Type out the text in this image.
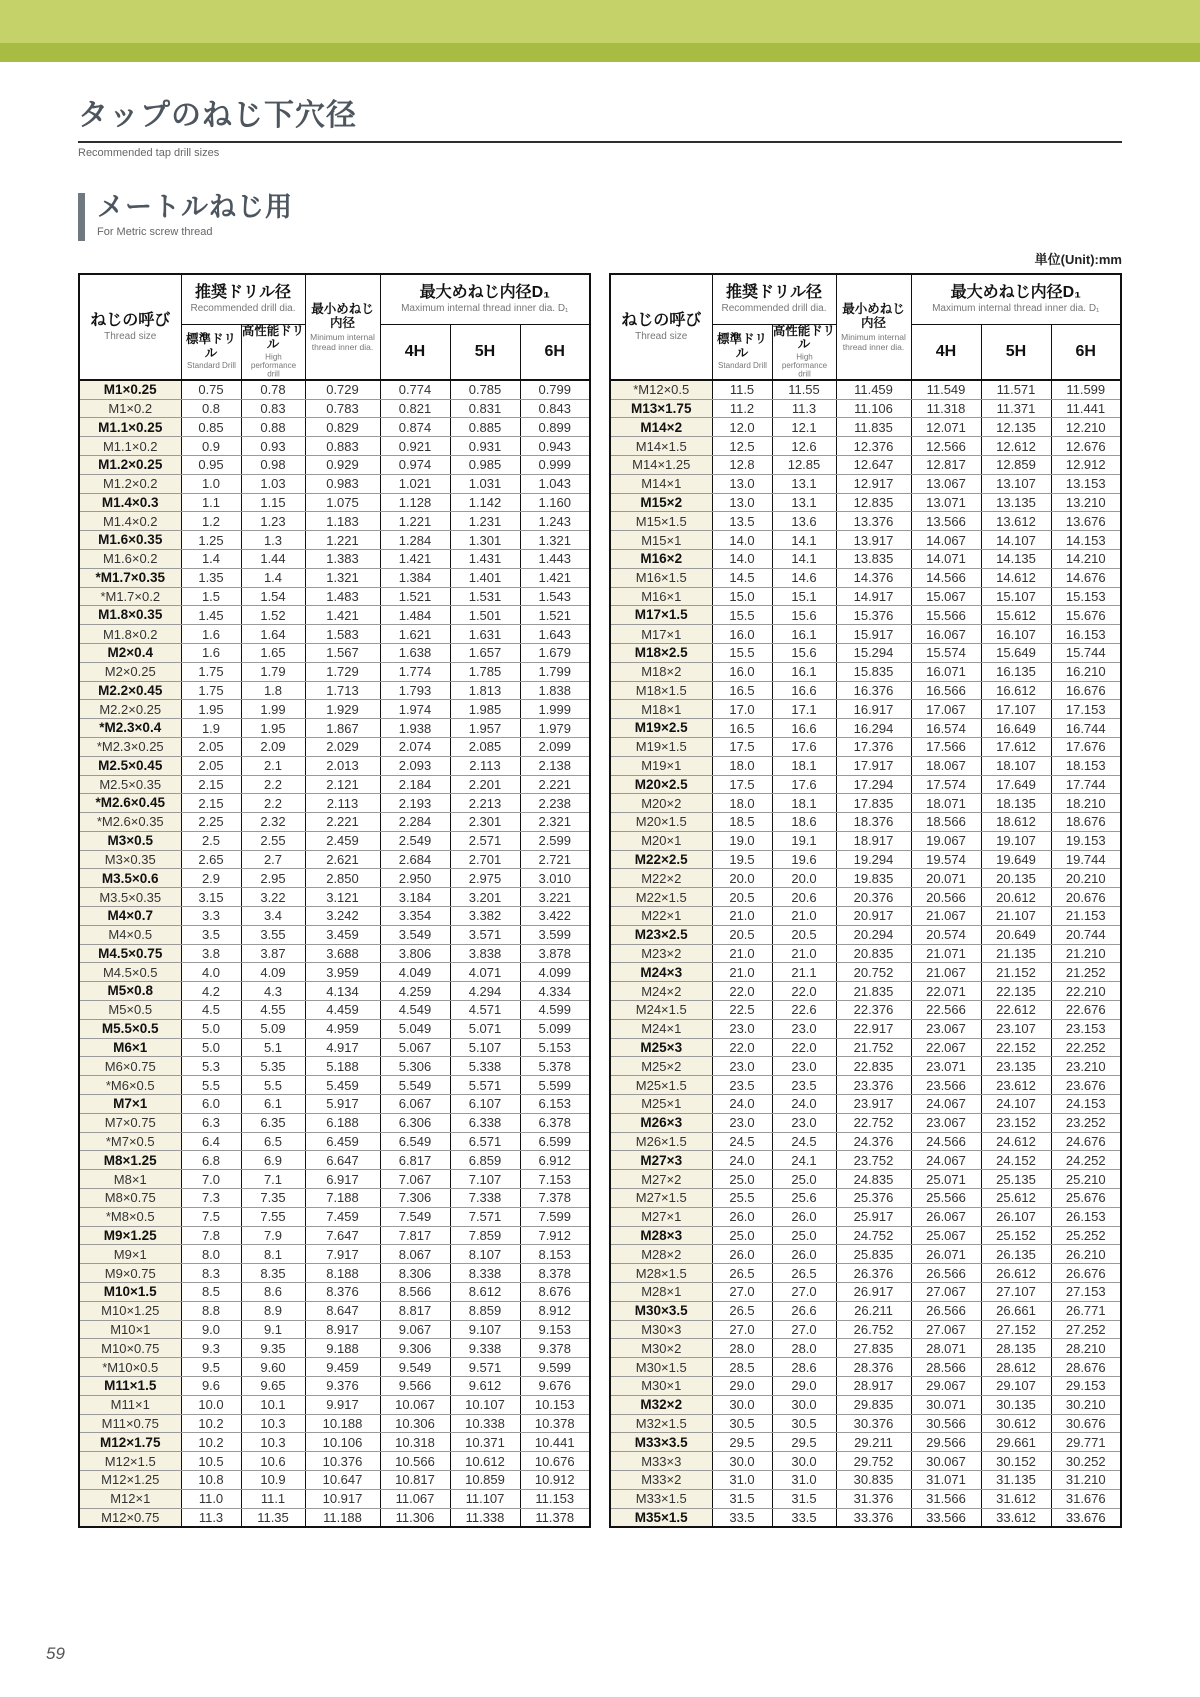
タップのねじ下穴径
Recommended tap drill sizes
メートルねじ用
For Metric screw thread
単位(Unit):mm
ねじの呼び
Thread size

推奨ドリル径
Recommended drill dia.	最小めねじ内径
Minimum internal thread inner dia.

最大めねじ内径D₁
Maximum internal thread inner dia. D₁

標準ドリル
Standard Drill

高性能ドリル
High performance drill
	4H	5H	6H
M1×0.25	0.75	0.78	0.729	0.774	0.785	0.799
M1×0.2	0.8	0.83	0.783	0.821	0.831	0.843
M1.1×0.25	0.85	0.88	0.829	0.874	0.885	0.899
M1.1×0.2	0.9	0.93	0.883	0.921	0.931	0.943
M1.2×0.25	0.95	0.98	0.929	0.974	0.985	0.999
M1.2×0.2	1.0	1.03	0.983	1.021	1.031	1.043
M1.4×0.3	1.1	1.15	1.075	1.128	1.142	1.160
M1.4×0.2	1.2	1.23	1.183	1.221	1.231	1.243
M1.6×0.35	1.25	1.3	1.221	1.284	1.301	1.321
M1.6×0.2	1.4	1.44	1.383	1.421	1.431	1.443
*M1.7×0.35	1.35	1.4	1.321	1.384	1.401	1.421
*M1.7×0.2	1.5	1.54	1.483	1.521	1.531	1.543
M1.8×0.35	1.45	1.52	1.421	1.484	1.501	1.521
M1.8×0.2	1.6	1.64	1.583	1.621	1.631	1.643
M2×0.4	1.6	1.65	1.567	1.638	1.657	1.679
M2×0.25	1.75	1.79	1.729	1.774	1.785	1.799
M2.2×0.45	1.75	1.8	1.713	1.793	1.813	1.838
M2.2×0.25	1.95	1.99	1.929	1.974	1.985	1.999
*M2.3×0.4	1.9	1.95	1.867	1.938	1.957	1.979
*M2.3×0.25	2.05	2.09	2.029	2.074	2.085	2.099
M2.5×0.45	2.05	2.1	2.013	2.093	2.113	2.138
M2.5×0.35	2.15	2.2	2.121	2.184	2.201	2.221
*M2.6×0.45	2.15	2.2	2.113	2.193	2.213	2.238
*M2.6×0.35	2.25	2.32	2.221	2.284	2.301	2.321
M3×0.5	2.5	2.55	2.459	2.549	2.571	2.599
M3×0.35	2.65	2.7	2.621	2.684	2.701	2.721
M3.5×0.6	2.9	2.95	2.850	2.950	2.975	3.010
M3.5×0.35	3.15	3.22	3.121	3.184	3.201	3.221
M4×0.7	3.3	3.4	3.242	3.354	3.382	3.422
M4×0.5	3.5	3.55	3.459	3.549	3.571	3.599
M4.5×0.75	3.8	3.87	3.688	3.806	3.838	3.878
M4.5×0.5	4.0	4.09	3.959	4.049	4.071	4.099
M5×0.8	4.2	4.3	4.134	4.259	4.294	4.334
M5×0.5	4.5	4.55	4.459	4.549	4.571	4.599
M5.5×0.5	5.0	5.09	4.959	5.049	5.071	5.099
M6×1	5.0	5.1	4.917	5.067	5.107	5.153
M6×0.75	5.3	5.35	5.188	5.306	5.338	5.378
*M6×0.5	5.5	5.5	5.459	5.549	5.571	5.599
M7×1	6.0	6.1	5.917	6.067	6.107	6.153
M7×0.75	6.3	6.35	6.188	6.306	6.338	6.378
*M7×0.5	6.4	6.5	6.459	6.549	6.571	6.599
M8×1.25	6.8	6.9	6.647	6.817	6.859	6.912
M8×1	7.0	7.1	6.917	7.067	7.107	7.153
M8×0.75	7.3	7.35	7.188	7.306	7.338	7.378
*M8×0.5	7.5	7.55	7.459	7.549	7.571	7.599
M9×1.25	7.8	7.9	7.647	7.817	7.859	7.912
M9×1	8.0	8.1	7.917	8.067	8.107	8.153
M9×0.75	8.3	8.35	8.188	8.306	8.338	8.378
M10×1.5	8.5	8.6	8.376	8.566	8.612	8.676
M10×1.25	8.8	8.9	8.647	8.817	8.859	8.912
M10×1	9.0	9.1	8.917	9.067	9.107	9.153
M10×0.75	9.3	9.35	9.188	9.306	9.338	9.378
*M10×0.5	9.5	9.60	9.459	9.549	9.571	9.599
M11×1.5	9.6	9.65	9.376	9.566	9.612	9.676
M11×1	10.0	10.1	9.917	10.067	10.107	10.153
M11×0.75	10.2	10.3	10.188	10.306	10.338	10.378
M12×1.75	10.2	10.3	10.106	10.318	10.371	10.441
M12×1.5	10.5	10.6	10.376	10.566	10.612	10.676
M12×1.25	10.8	10.9	10.647	10.817	10.859	10.912
M12×1	11.0	11.1	10.917	11.067	11.107	11.153
M12×0.75	11.3	11.35	11.188	11.306	11.338	11.378
ねじの呼び
Thread size

推奨ドリル径
Recommended drill dia.	最小めねじ内径
Minimum internal thread inner dia.

最大めねじ内径D₁
Maximum internal thread inner dia. D₁

標準ドリル
Standard Drill

高性能ドリル
High performance drill
	4H	5H	6H
*M12×0.5	11.5	11.55	11.459	11.549	11.571	11.599
M13×1.75	11.2	11.3	11.106	11.318	11.371	11.441
M14×2	12.0	12.1	11.835	12.071	12.135	12.210
M14×1.5	12.5	12.6	12.376	12.566	12.612	12.676
M14×1.25	12.8	12.85	12.647	12.817	12.859	12.912
M14×1	13.0	13.1	12.917	13.067	13.107	13.153
M15×2	13.0	13.1	12.835	13.071	13.135	13.210
M15×1.5	13.5	13.6	13.376	13.566	13.612	13.676
M15×1	14.0	14.1	13.917	14.067	14.107	14.153
M16×2	14.0	14.1	13.835	14.071	14.135	14.210
M16×1.5	14.5	14.6	14.376	14.566	14.612	14.676
M16×1	15.0	15.1	14.917	15.067	15.107	15.153
M17×1.5	15.5	15.6	15.376	15.566	15.612	15.676
M17×1	16.0	16.1	15.917	16.067	16.107	16.153
M18×2.5	15.5	15.6	15.294	15.574	15.649	15.744
M18×2	16.0	16.1	15.835	16.071	16.135	16.210
M18×1.5	16.5	16.6	16.376	16.566	16.612	16.676
M18×1	17.0	17.1	16.917	17.067	17.107	17.153
M19×2.5	16.5	16.6	16.294	16.574	16.649	16.744
M19×1.5	17.5	17.6	17.376	17.566	17.612	17.676
M19×1	18.0	18.1	17.917	18.067	18.107	18.153
M20×2.5	17.5	17.6	17.294	17.574	17.649	17.744
M20×2	18.0	18.1	17.835	18.071	18.135	18.210
M20×1.5	18.5	18.6	18.376	18.566	18.612	18.676
M20×1	19.0	19.1	18.917	19.067	19.107	19.153
M22×2.5	19.5	19.6	19.294	19.574	19.649	19.744
M22×2	20.0	20.0	19.835	20.071	20.135	20.210
M22×1.5	20.5	20.6	20.376	20.566	20.612	20.676
M22×1	21.0	21.0	20.917	21.067	21.107	21.153
M23×2.5	20.5	20.5	20.294	20.574	20.649	20.744
M23×2	21.0	21.0	20.835	21.071	21.135	21.210
M24×3	21.0	21.1	20.752	21.067	21.152	21.252
M24×2	22.0	22.0	21.835	22.071	22.135	22.210
M24×1.5	22.5	22.6	22.376	22.566	22.612	22.676
M24×1	23.0	23.0	22.917	23.067	23.107	23.153
M25×3	22.0	22.0	21.752	22.067	22.152	22.252
M25×2	23.0	23.0	22.835	23.071	23.135	23.210
M25×1.5	23.5	23.5	23.376	23.566	23.612	23.676
M25×1	24.0	24.0	23.917	24.067	24.107	24.153
M26×3	23.0	23.0	22.752	23.067	23.152	23.252
M26×1.5	24.5	24.5	24.376	24.566	24.612	24.676
M27×3	24.0	24.1	23.752	24.067	24.152	24.252
M27×2	25.0	25.0	24.835	25.071	25.135	25.210
M27×1.5	25.5	25.6	25.376	25.566	25.612	25.676
M27×1	26.0	26.0	25.917	26.067	26.107	26.153
M28×3	25.0	25.0	24.752	25.067	25.152	25.252
M28×2	26.0	26.0	25.835	26.071	26.135	26.210
M28×1.5	26.5	26.5	26.376	26.566	26.612	26.676
M28×1	27.0	27.0	26.917	27.067	27.107	27.153
M30×3.5	26.5	26.6	26.211	26.566	26.661	26.771
M30×3	27.0	27.0	26.752	27.067	27.152	27.252
M30×2	28.0	28.0	27.835	28.071	28.135	28.210
M30×1.5	28.5	28.6	28.376	28.566	28.612	28.676
M30×1	29.0	29.0	28.917	29.067	29.107	29.153
M32×2	30.0	30.0	29.835	30.071	30.135	30.210
M32×1.5	30.5	30.5	30.376	30.566	30.612	30.676
M33×3.5	29.5	29.5	29.211	29.566	29.661	29.771
M33×3	30.0	30.0	29.752	30.067	30.152	30.252
M33×2	31.0	31.0	30.835	31.071	31.135	31.210
M33×1.5	31.5	31.5	31.376	31.566	31.612	31.676
M35×1.5	33.5	33.5	33.376	33.566	33.612	33.676
59
